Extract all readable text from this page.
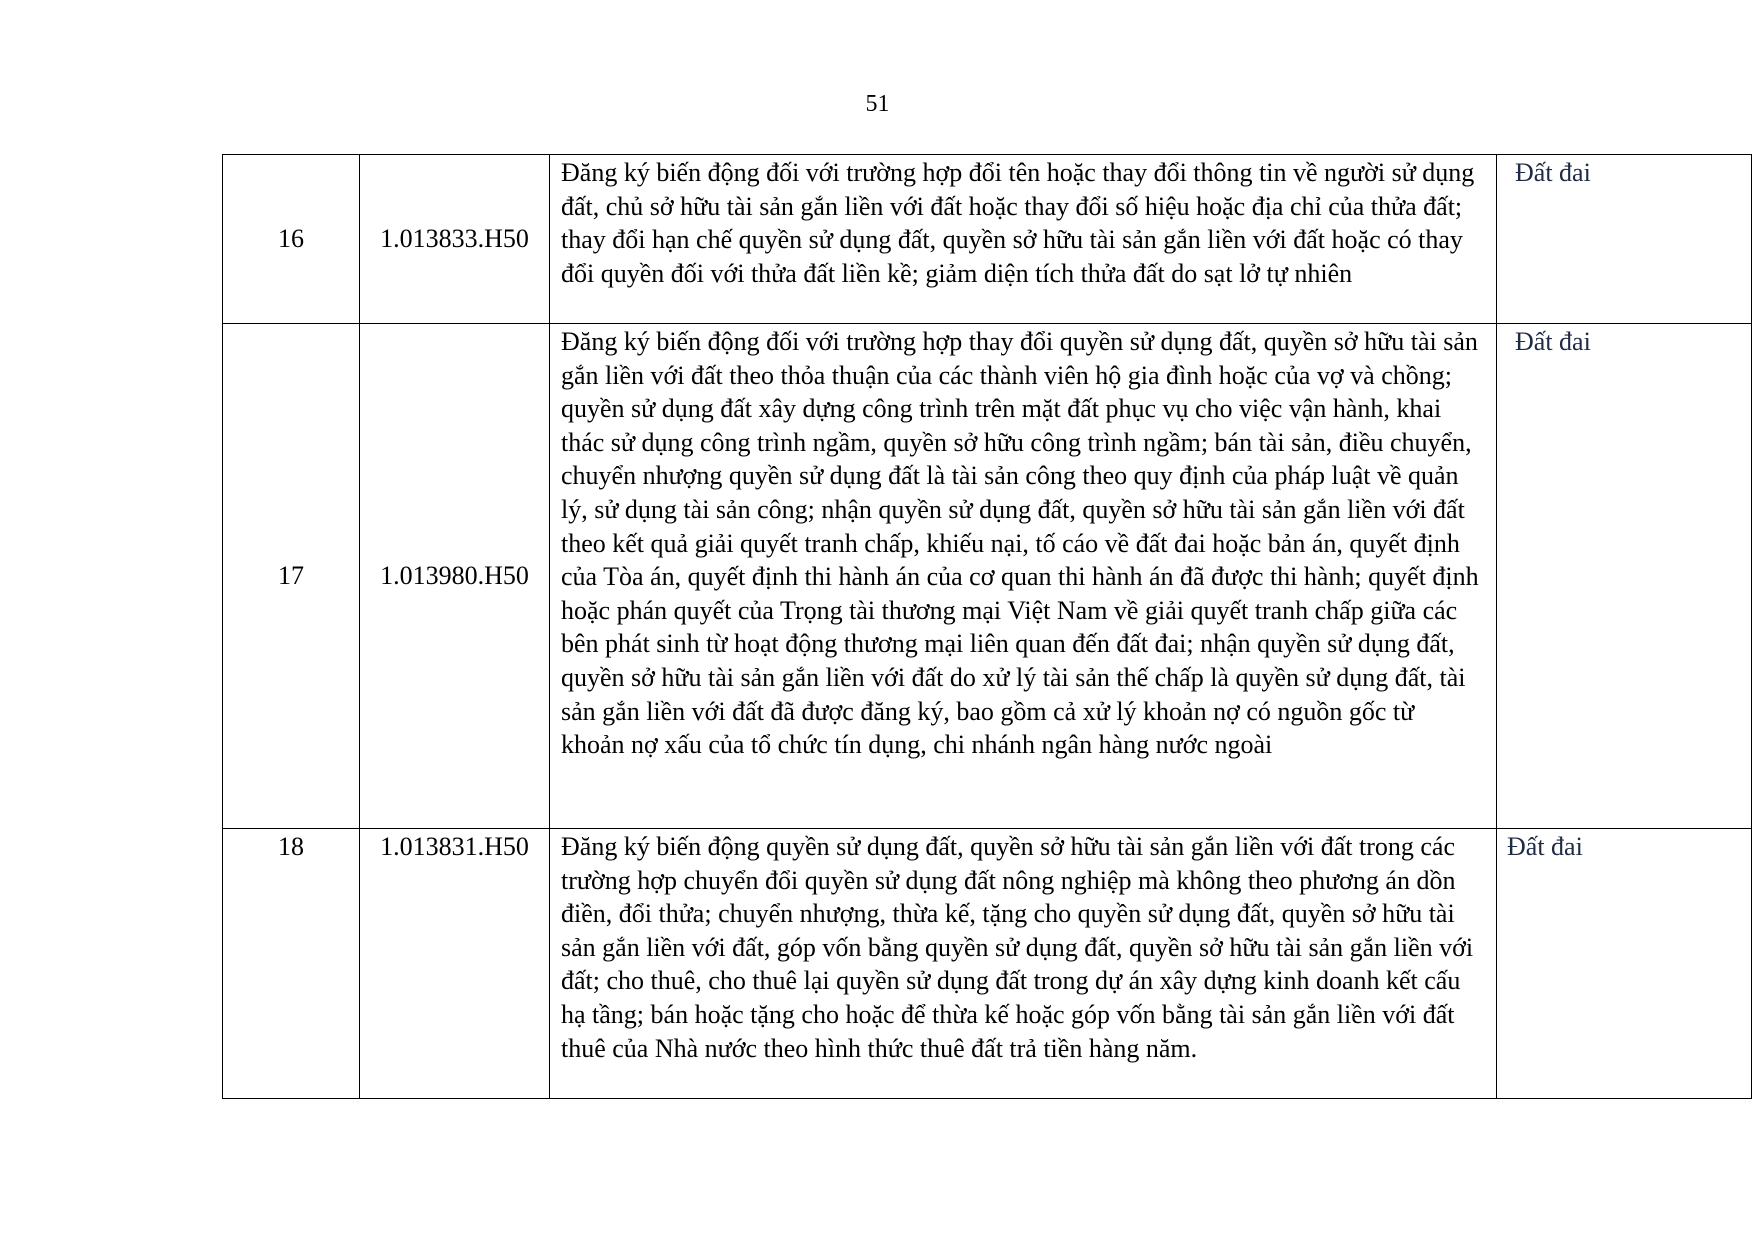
51
16	1.013833.H50	Đăng ký biến động đối với trường hợp đổi tên hoặc thay đổi thông tin về người sử dụng đất, chủ sở hữu tài sản gắn liền với đất hoặc thay đổi số hiệu hoặc địa chỉ của thửa đất; thay đổi hạn chế quyền sử dụng đất, quyền sở hữu tài sản gắn liền với đất hoặc có thay đổi quyền đối với thửa đất liền kề; giảm diện tích thửa đất do sạt lở tự nhiên	Đất đai
17	1.013980.H50	Đăng ký biến động đối với trường hợp thay đổi quyền sử dụng đất, quyền sở hữu tài sản gắn liền với đất theo thỏa thuận của các thành viên hộ gia đình hoặc của vợ và chồng; quyền sử dụng đất xây dựng công trình trên mặt đất phục vụ cho việc vận hành, khai thác sử dụng công trình ngầm, quyền sở hữu công trình ngầm; bán tài sản, điều chuyển, chuyển nhượng quyền sử dụng đất là tài sản công theo quy định của pháp luật về quản lý, sử dụng tài sản công; nhận quyền sử dụng đất, quyền sở hữu tài sản gắn liền với đất theo kết quả giải quyết tranh chấp, khiếu nại, tố cáo về đất đai hoặc bản án, quyết định của Tòa án, quyết định thi hành án của cơ quan thi hành án đã được thi hành; quyết định hoặc phán quyết của Trọng tài thương mại Việt Nam về giải quyết tranh chấp giữa các bên phát sinh từ hoạt động thương mại liên quan đến đất đai; nhận quyền sử dụng đất, quyền sở hữu tài sản gắn liền với đất do xử lý tài sản thế chấp là quyền sử dụng đất, tài sản gắn liền với đất đã được đăng ký, bao gồm cả xử lý khoản nợ có nguồn gốc từ khoản nợ xấu của tổ chức tín dụng, chi nhánh ngân hàng nước ngoài	Đất đai
18	1.013831.H50	Đăng ký biến động quyền sử dụng đất, quyền sở hữu tài sản gắn liền với đất trong các trường hợp chuyển đổi quyền sử dụng đất nông nghiệp mà không theo phương án dồn điền, đổi thửa; chuyển nhượng, thừa kế, tặng cho quyền sử dụng đất, quyền sở hữu tài sản gắn liền với đất, góp vốn bằng quyền sử dụng đất, quyền sở hữu tài sản gắn liền với đất; cho thuê, cho thuê lại quyền sử dụng đất trong dự án xây dựng kinh doanh kết cấu hạ tầng; bán hoặc tặng cho hoặc để thừa kế hoặc góp vốn bằng tài sản gắn liền với đất thuê của Nhà nước theo hình thức thuê đất trả tiền hàng năm.	Đất đai
